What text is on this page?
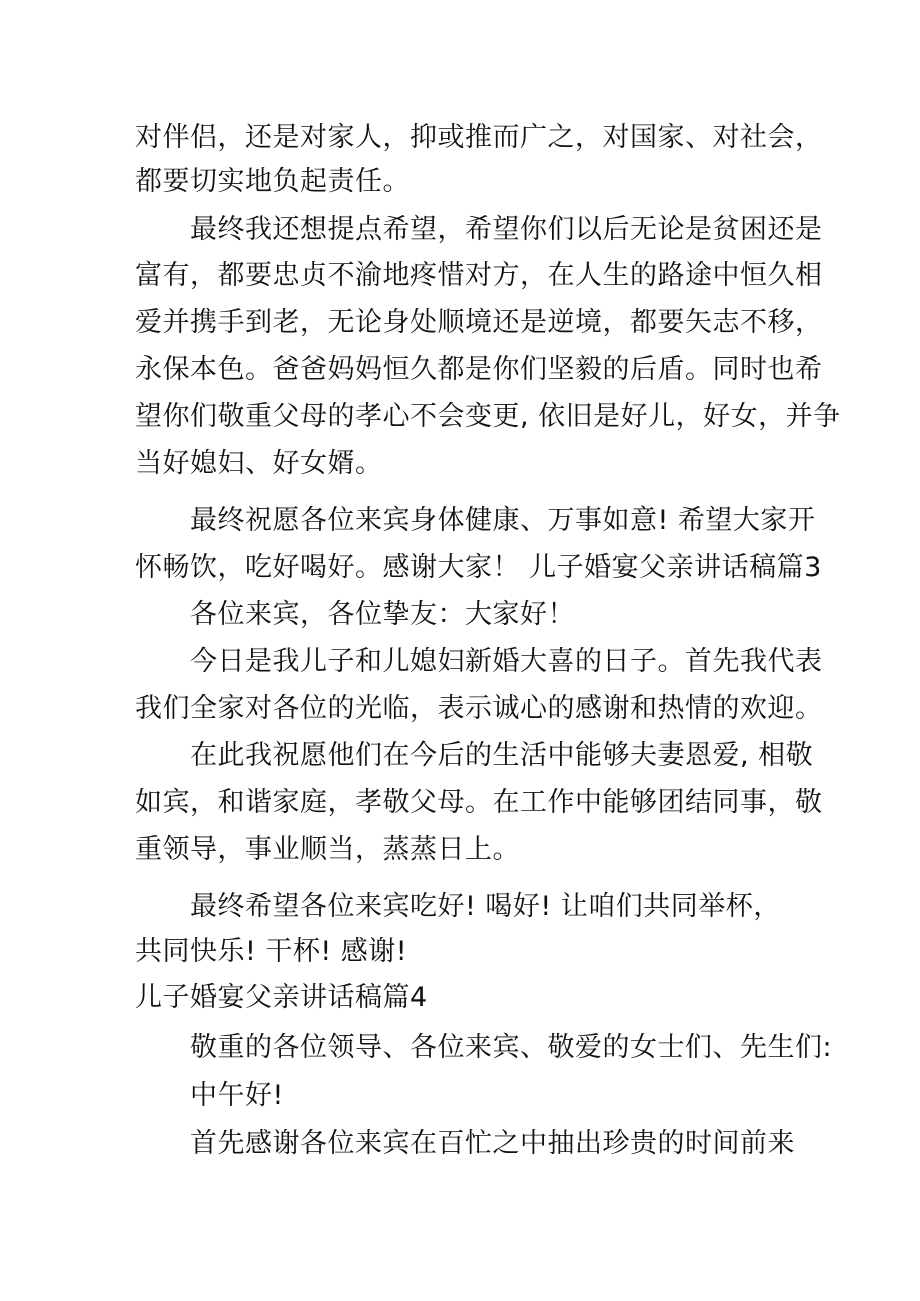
对伴侣，还是对家人，抑或推而广之，对国家、对社会，
都要切实地负起责任。
最终我还想提点希望，希望你们以后无论是贫困还是
富有，都要忠贞不渝地疼惜对方，在人生的路途中恒久相
爱并携手到老，无论身处顺境还是逆境，都要矢志不移，
永保本色。爸爸妈妈恒久都是你们坚毅的后盾。同时也希
望你们敬重父母的孝心不会变更, 依旧是好儿，好女，并争
当好媳妇、好女婿。
最终祝愿各位来宾身体健康、万事如意! 希望大家开
怀畅饮，吃好喝好。感谢大家！ 儿子婚宴父亲讲话稿篇3
各位来宾，各位挚友：大家好！
今日是我儿子和儿媳妇新婚大喜的日子。首先我代表
我们全家对各位的光临，表示诚心的感谢和热情的欢迎。
在此我祝愿他们在今后的生活中能够夫妻恩爱, 相敬
如宾，和谐家庭，孝敬父母。在工作中能够团结同事，敬
重领导，事业顺当，蒸蒸日上。
最终希望各位来宾吃好! 喝好! 让咱们共同举杯，
共同快乐! 干杯! 感谢!
儿子婚宴父亲讲话稿篇4
敬重的各位领导、各位来宾、敬爱的女士们、先生们:
中午好!
首先感谢各位来宾在百忙之中抽出珍贵的时间前来
